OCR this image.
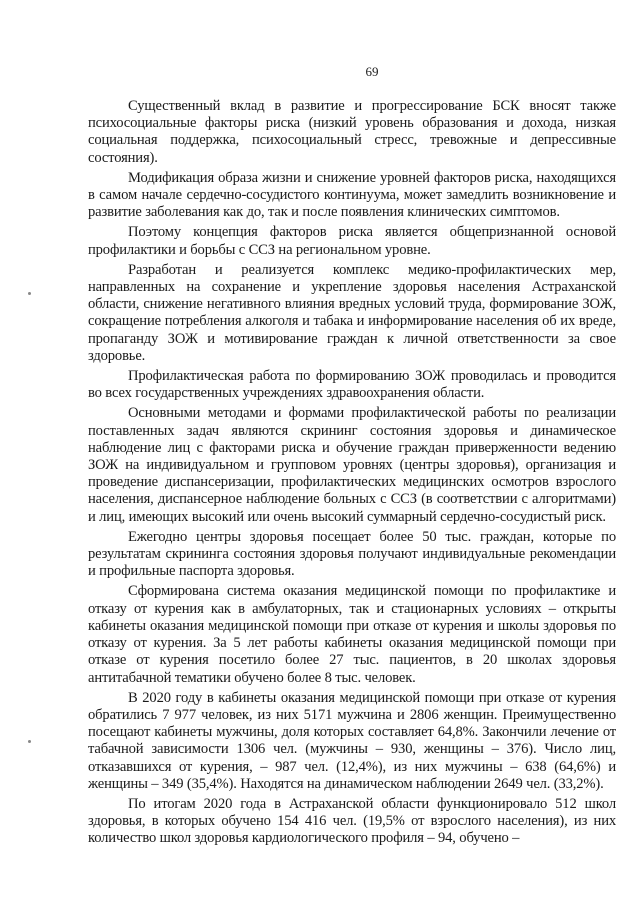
69

Существенный вклад в развитие и прогрессирование БСК вносят также психосоциальные факторы риска (низкий уровень образования и дохода, низкая социальная поддержка, психосоциальный стресс, тревожные и депрессивные состояния).

Модификация образа жизни и снижение уровней факторов риска, находящихся в самом начале сердечно-сосудистого континуума, может замедлить возникновение и развитие заболевания как до, так и после появления клинических симптомов.

Поэтому концепция факторов риска является общепризнанной основой профилактики и борьбы с ССЗ на региональном уровне.

Разработан и реализуется комплекс медико-профилактических мер, направленных на сохранение и укрепление здоровья населения Астраханской области, снижение негативного влияния вредных условий труда, формирование ЗОЖ, сокращение потребления алкоголя и табака и информирование населения об их вреде, пропаганду ЗОЖ и мотивирование граждан к личной ответственности за свое здоровье.

Профилактическая работа по формированию ЗОЖ проводилась и проводится во всех государственных учреждениях здравоохранения области.

Основными методами и формами профилактической работы по реализации поставленных задач являются скрининг состояния здоровья и динамическое наблюдение лиц с факторами риска и обучение граждан приверженности ведению ЗОЖ на индивидуальном и групповом уровнях (центры здоровья), организация и проведение диспансеризации, профилактических медицинских осмотров взрослого населения, диспансерное наблюдение больных с ССЗ (в соответствии с алгоритмами) и лиц, имеющих высокий или очень высокий суммарный сердечно-сосудистый риск.

Ежегодно центры здоровья посещает более 50 тыс. граждан, которые по результатам скрининга состояния здоровья получают индивидуальные рекомендации и профильные паспорта здоровья.

Сформирована система оказания медицинской помощи по профилактике и отказу от курения как в амбулаторных, так и стационарных условиях – открыты кабинеты оказания медицинской помощи при отказе от курения и школы здоровья по отказу от курения. За 5 лет работы кабинеты оказания медицинской помощи при отказе от курения посетило более 27 тыс. пациентов, в 20 школах здоровья антитабачной тематики обучено более 8 тыс. человек.

В 2020 году в кабинеты оказания медицинской помощи при отказе от курения обратились 7 977 человек, из них 5171 мужчина и 2806 женщин. Преимущественно посещают кабинеты мужчины, доля которых составляет 64,8%. Закончили лечение от табачной зависимости 1306 чел. (мужчины – 930, женщины – 376). Число лиц, отказавшихся от курения, – 987 чел. (12,4%), из них мужчины – 638 (64,6%) и женщины – 349 (35,4%). Находятся на динамическом наблюдении 2649 чел. (33,2%).

По итогам 2020 года в Астраханской области функционировало 512 школ здоровья, в которых обучено 154 416 чел. (19,5% от взрослого населения), из них количество школ здоровья кардиологического профиля – 94, обучено –
